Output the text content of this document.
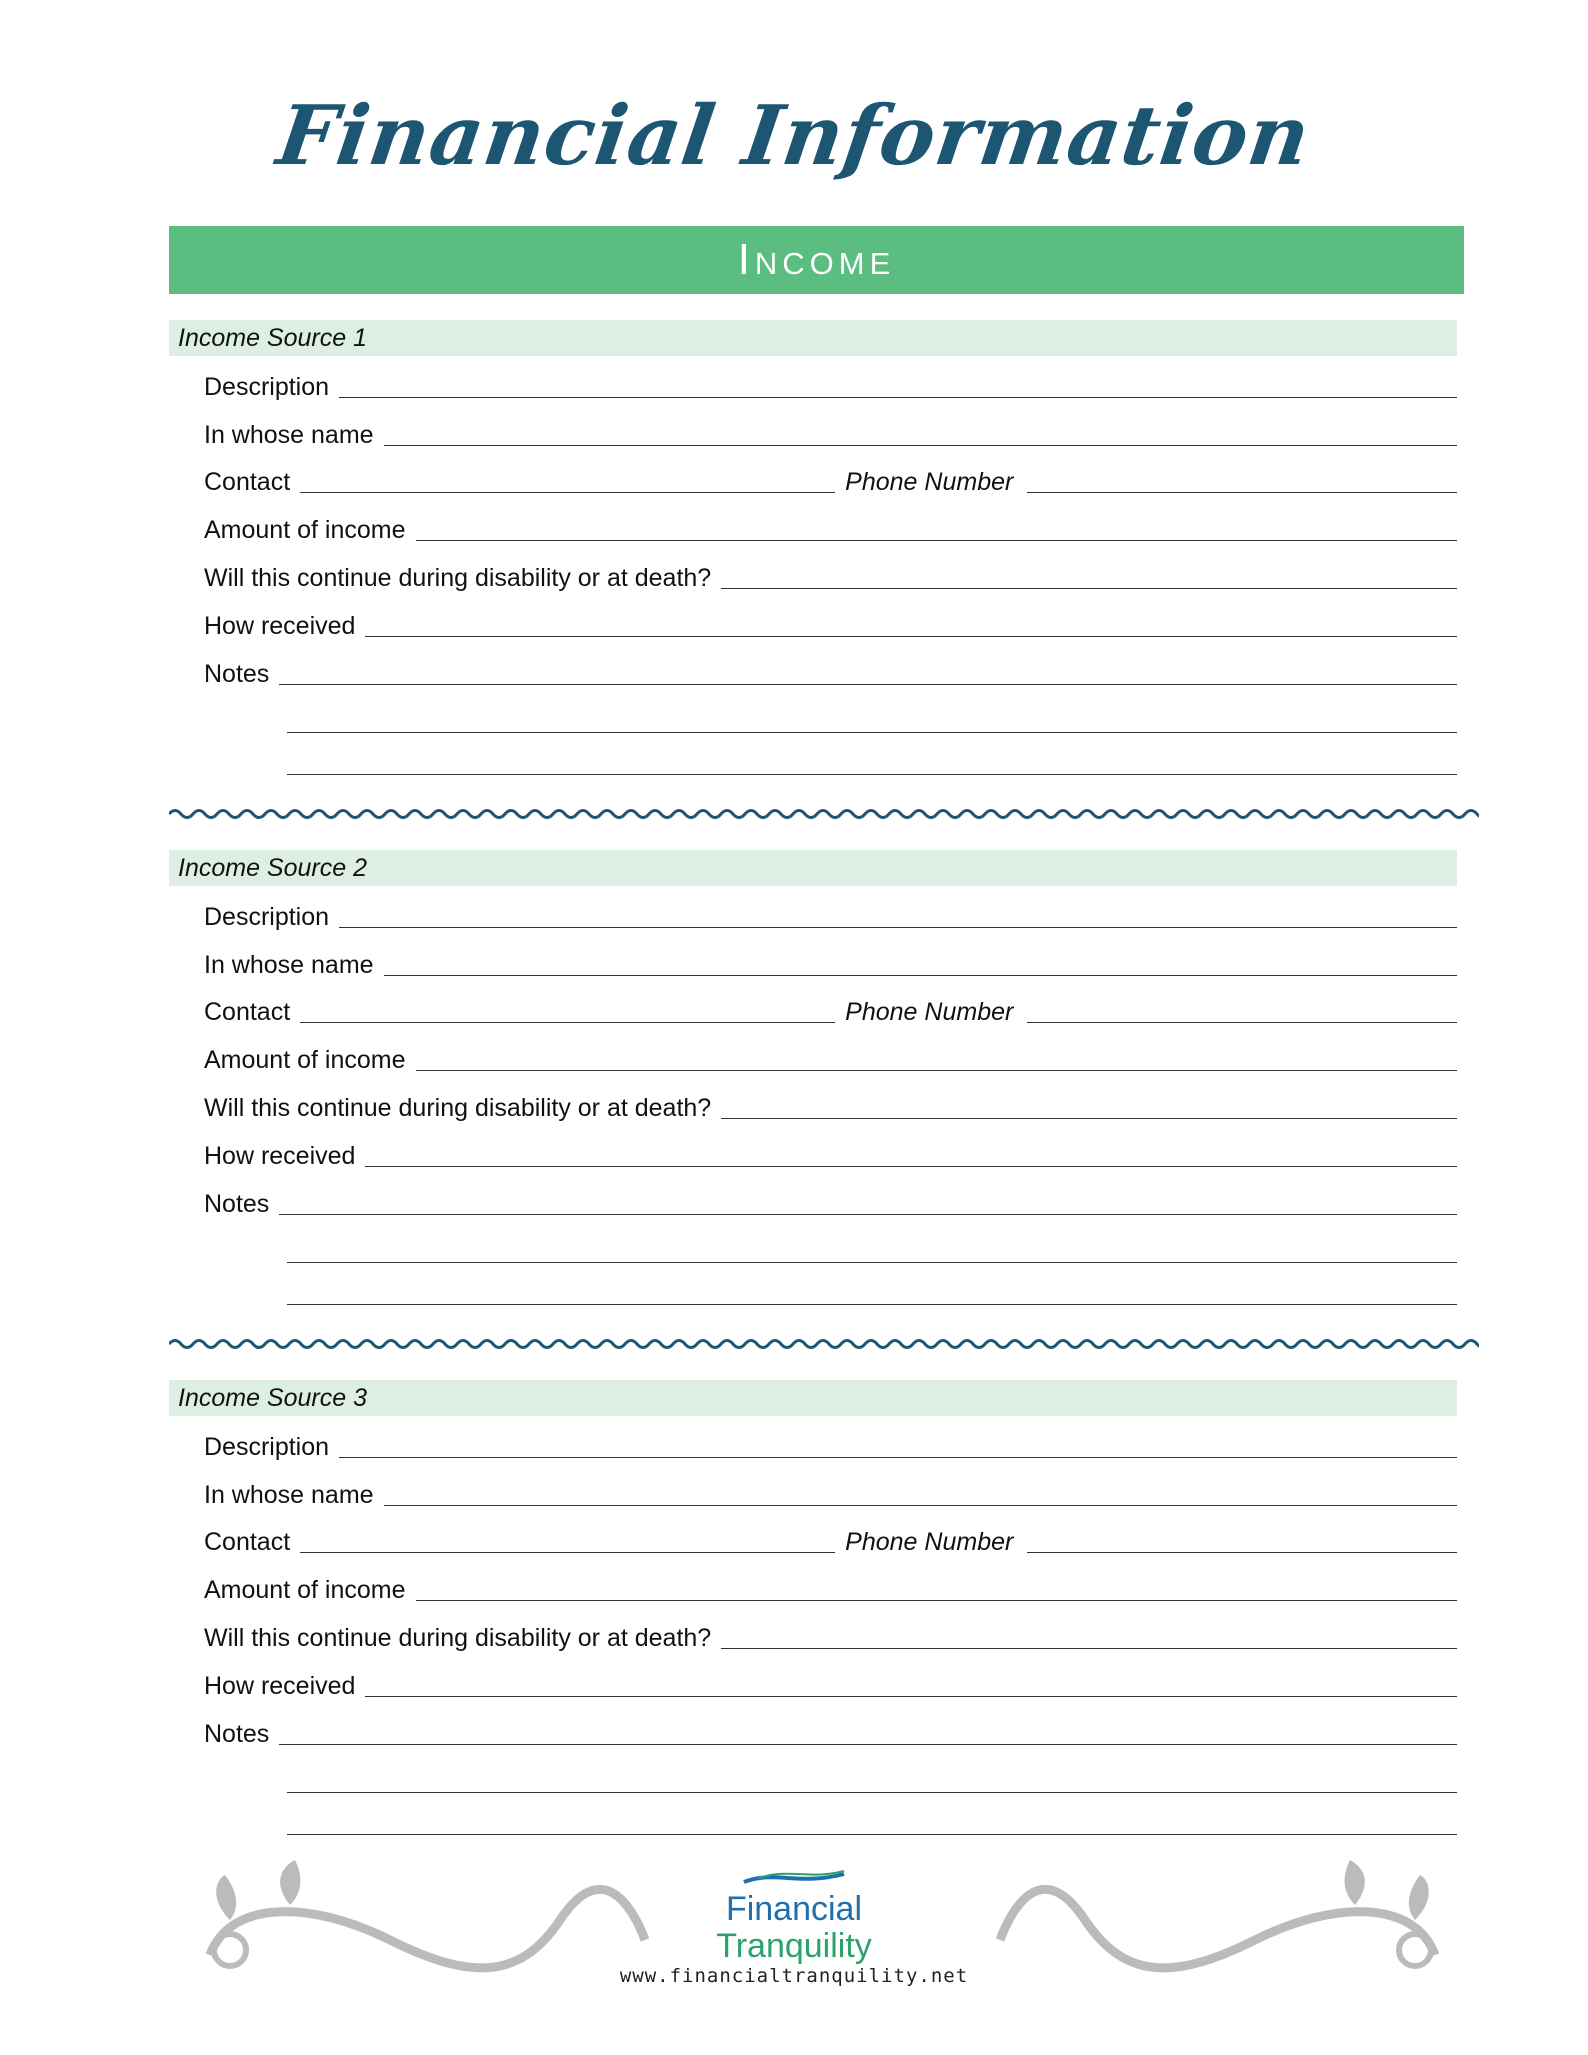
Financial Information
Income
Income Source 1
Description
In whose name
Contact	Phone Number
Amount of income
Will this continue during disability or at death?
How received
Notes
Income Source 2
Description
In whose name
Contact	Phone Number
Amount of income
Will this continue during disability or at death?
How received
Notes
Income Source 3
Description
In whose name
Contact	Phone Number
Amount of income
Will this continue during disability or at death?
How received
Notes
Financial
Tranquility
www.financialtranquility.net
